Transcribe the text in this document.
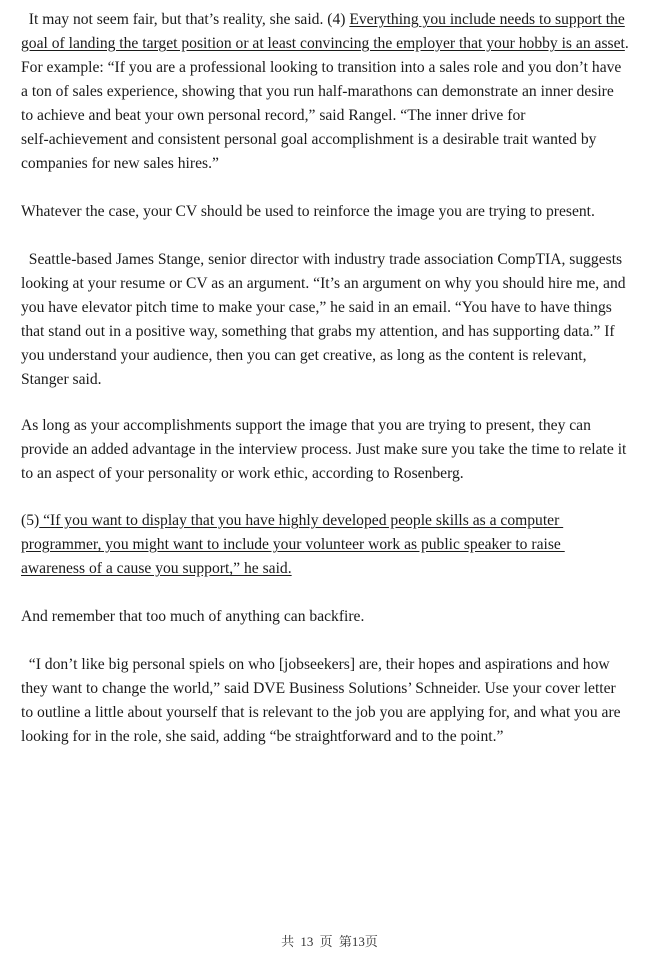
It may not seem fair, but that’s reality, she said. (4) Everything you include needs to support the
goal of landing the target position or at least convincing the employer that your hobby is an asset.
For example: “If you are a professional looking to transition into a sales role and you don’t have
a ton of sales experience, showing that you run half-marathons can demonstrate an inner desire
to achieve and beat your own personal record,” said Rangel. “The inner drive for
self-achievement and consistent personal goal accomplishment is a desirable trait wanted by
companies for new sales hires.”
Whatever the case, your CV should be used to reinforce the image you are trying to present.
Seattle-based James Stange, senior director with industry trade association CompTIA, suggests
looking at your resume or CV as an argument. “It’s an argument on why you should hire me, and
you have elevator pitch time to make your case,” he said in an email. “You have to have things
that stand out in a positive way, something that grabs my attention, and has supporting data.” If
you understand your audience, then you can get creative, as long as the content is relevant,
Stanger said.
As long as your accomplishments support the image that you are trying to present, they can
provide an added advantage in the interview process. Just make sure you take the time to relate it
to an aspect of your personality or work ethic, according to Rosenberg.
(5) “If you want to display that you have highly developed people skills as a computer
programmer, you might want to include your volunteer work as public speaker to raise
awareness of a cause you support,” he said.
And remember that too much of anything can backfire.
“I don’t like big personal spiels on who [jobseekers] are, their hopes and aspirations and how
they want to change the world,” said DVE Business Solutions’ Schneider. Use your cover letter
to outline a little about yourself that is relevant to the job you are applying for, and what you are
looking for in the role, she said, adding “be straightforward and to the point.”
共 13 页 第13页
